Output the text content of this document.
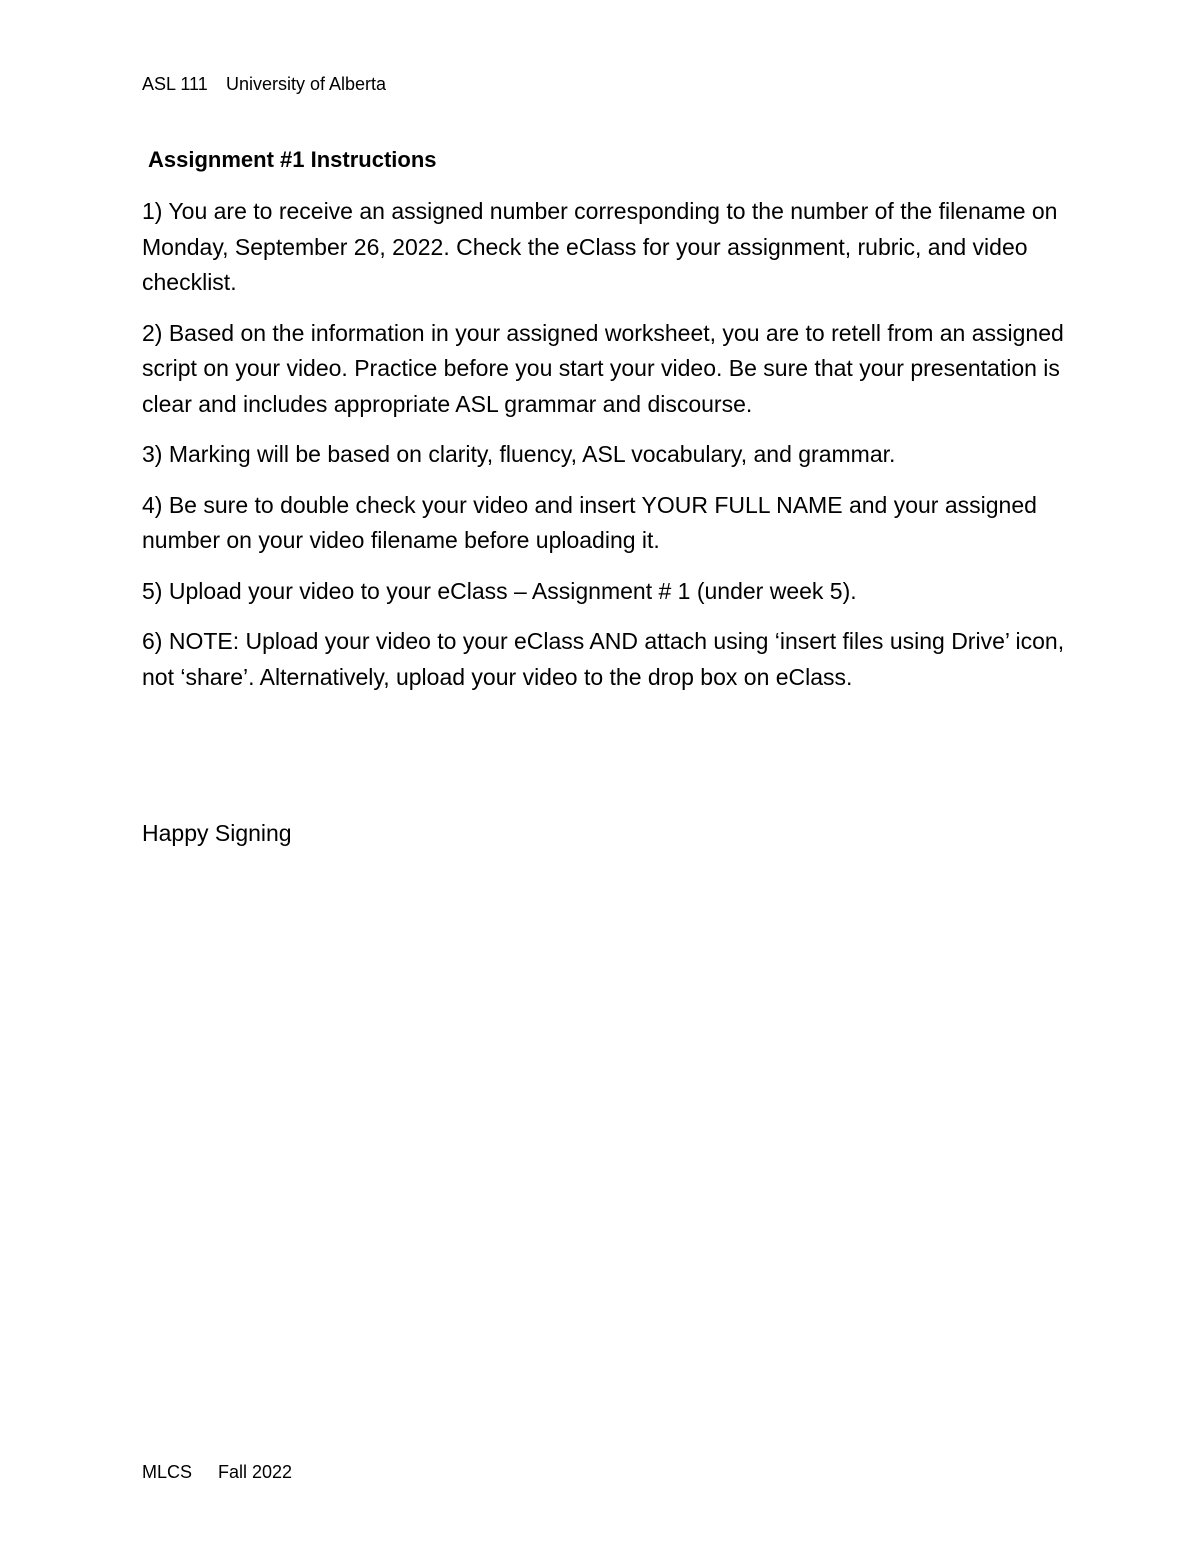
ASL 111 University of Alberta
Assignment #1 Instructions

1) You are to receive an assigned number corresponding to the number of the filename on Monday, September 26, 2022. Check the eClass for your assignment, rubric, and video checklist.

2) Based on the information in your assigned worksheet, you are to retell from an assigned script on your video. Practice before you start your video. Be sure that your presentation is clear and includes appropriate ASL grammar and discourse.

3) Marking will be based on clarity, fluency, ASL vocabulary, and grammar.

4) Be sure to double check your video and insert YOUR FULL NAME and your assigned number on your video filename before uploading it.

5) Upload your video to your eClass – Assignment # 1 (under week 5).

6) NOTE: Upload your video to your eClass AND attach using ‘insert files using Drive’ icon, not ‘share’. Alternatively, upload your video to the drop box on eClass.

Happy Signing
MLCS Fall 2022
